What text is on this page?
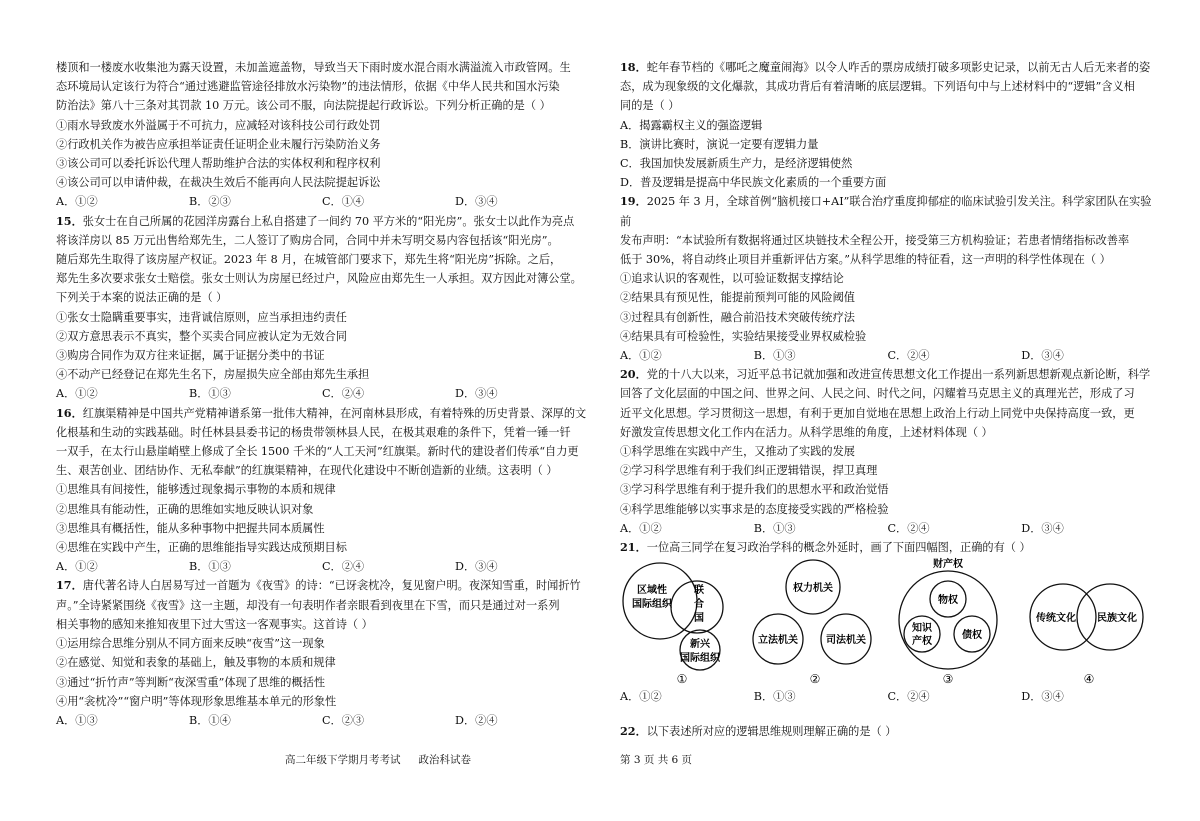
楼顶和一楼废水收集池为露天设置，未加盖遮盖物，导致当天下雨时废水混合雨水满溢流入市政管网。生

态环境局认定该行为符合“通过逃避监管途径排放水污染物”的违法情形，依据《中华人民共和国水污染

防治法》第八十三条对其罚款 10 万元。该公司不服，向法院提起行政诉讼。下列分析正确的是（ ）

①雨水导致废水外溢属于不可抗力，应减轻对该科技公司行政处罚

②行政机关作为被告应承担举证责任证明企业未履行污染防治义务

③该公司可以委托诉讼代理人帮助维护合法的实体权利和程序权利

④该公司可以申请仲裁，在裁决生效后不能再向人民法院提起诉讼

A．①②	B．②③	C．①④	D．③④

15．张女士在自己所属的花园洋房露台上私自搭建了一间约 70 平方米的“阳光房”。张女士以此作为亮点

将该洋房以 85 万元出售给郑先生，二人签订了购房合同，合同中并未写明交易内容包括该“阳光房”。

随后郑先生取得了该房屋产权证。2023 年 8 月，在城管部门要求下，郑先生将“阳光房”拆除。之后，

郑先生多次要求张女士赔偿。张女士则认为房屋已经过户，风险应由郑先生一人承担。双方因此对簿公堂。

下列关于本案的说法正确的是（ ）

①张女士隐瞒重要事实，违背诚信原则，应当承担违约责任

②双方意思表示不真实，整个买卖合同应被认定为无效合同

③购房合同作为双方往来证据，属于证据分类中的书证

④不动产已经登记在郑先生名下，房屋损失应全部由郑先生承担

A．①②	B．①③	C．②④	D．③④

16．红旗渠精神是中国共产党精神谱系第一批伟大精神，在河南林县形成，有着特殊的历史背景、深厚的文

化根基和生动的实践基础。时任林县县委书记的杨贵带领林县人民，在极其艰难的条件下，凭着一锤一钎

一双手，在太行山悬崖峭壁上修成了全长 1500 千米的“人工天河”红旗渠。新时代的建设者们传承“自力更

生、艰苦创业、团结协作、无私奉献”的红旗渠精神，在现代化建设中不断创造新的业绩。这表明（ ）

①思维具有间接性，能够透过现象揭示事物的本质和规律

②思维具有能动性，正确的思维如实地反映认识对象

③思维具有概括性，能从多种事物中把握共同本质属性

④思维在实践中产生，正确的思维能指导实践达成预期目标

A．①②	B．①③	C．②④	D．③④

17．唐代著名诗人白居易写过一首题为《夜雪》的诗：“已讶衾枕冷，复见窗户明。夜深知雪重，时闻折竹

声。”全诗紧紧围绕《夜雪》这一主题，却没有一句表明作者亲眼看到夜里在下雪，而只是通过对一系列

相关事物的感知来推知夜里下过大雪这一客观事实。这首诗（ ）

①运用综合思维分别从不同方面来反映“夜雪”这一现象

②在感觉、知觉和表象的基础上，触及事物的本质和规律

③通过“折竹声”等判断“夜深雪重”体现了思维的概括性

④用“衾枕冷”“窗户明”等体现形象思维基本单元的形象性

A．①③	B．①④	C．②③	D．②④
高二年级下学期月考考试 政治科试卷

18．蛇年春节档的《哪吒之魔童闹海》以令人咋舌的票房成绩打破多项影史记录，以前无古人后无来者的姿

态，成为现象级的文化爆款，其成功背后有着清晰的底层逻辑。下列语句中与上述材料中的“逻辑”含义相

同的是（ ）

A．揭露霸权主义的强盗逻辑

B．演讲比赛时，演说一定要有逻辑力量

C．我国加快发展新质生产力，是经济逻辑使然

D．普及逻辑是提高中华民族文化素质的一个重要方面

19．2025 年 3 月，全球首例“脑机接口+AI”联合治疗重度抑郁症的临床试验引发关注。科学家团队在实验前

发布声明：“本试验所有数据将通过区块链技术全程公开，接受第三方机构验证；若患者情绪指标改善率

低于 30%，将自动终止项目并重新评估方案。”从科学思维的特征看，这一声明的科学性体现在（ ）

①追求认识的客观性，以可验证数据支撑结论

②结果具有预见性，能提前预判可能的风险阈值

③过程具有创新性，融合前沿技术突破传统疗法

④结果具有可检验性，实验结果接受业界权威检验

A．①②	B．①③	C．②④	D．③④

20．党的十八大以来，习近平总书记就加强和改进宣传思想文化工作提出一系列新思想新观点新论断，科学

回答了文化层面的中国之问、世界之问、人民之问、时代之问，闪耀着马克思主义的真理光芒，形成了习

近平文化思想。学习贯彻这一思想，有利于更加自觉地在思想上政治上行动上同党中央保持高度一致，更

好激发宣传思想文化工作内在活力。从科学思维的角度，上述材料体现（ ）

①科学思维在实践中产生，又推动了实践的发展

②学习科学思维有利于我们纠正逻辑错误，捍卫真理

③学习科学思维有利于提升我们的思想水平和政治觉悟

④科学思维能够以实事求是的态度接受实践的严格检验

A．①②	B．①③	C．②④	D．③④

21．一位高三同学在复习政治学科的概念外延时，画了下面四幅图，正确的有（ ）

区域性
国际组织
联
合
国
新兴
国际组织
①
权力机关
立法机关	司法机关
②
财产权
物权
知识
产权
债权
③
传统文化 民族文化
④
A．①②	B．①③	C．②④	D．③④

22．以下表述所对应的逻辑思维规则理解正确的是（ ）

第 3 页 共 6 页
